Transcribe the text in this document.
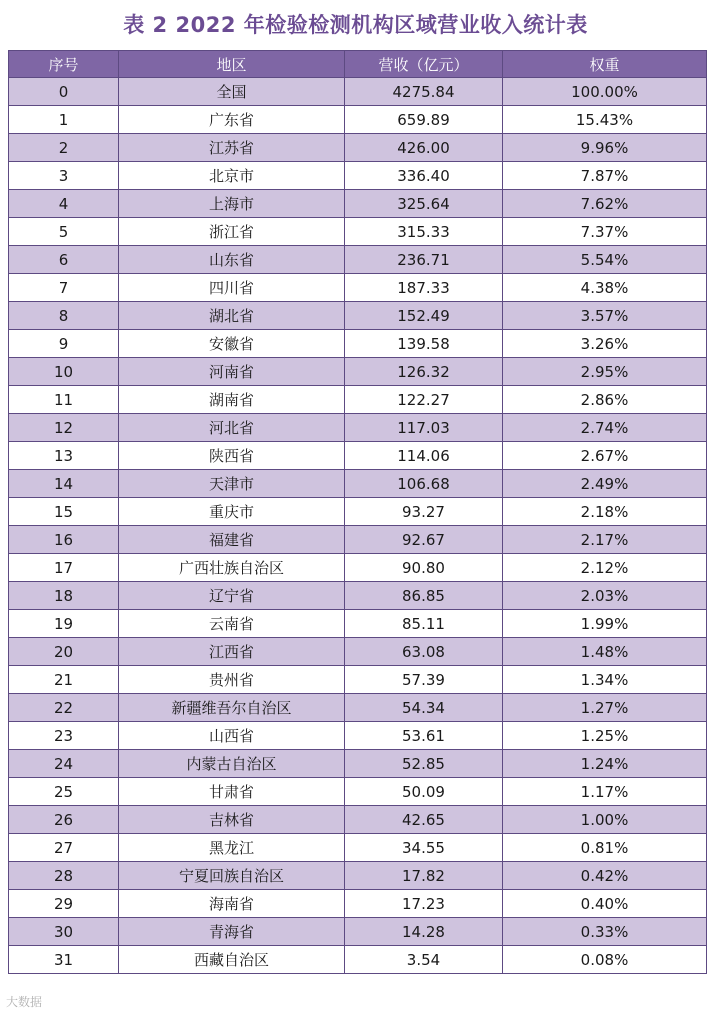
表 2 2022 年检验检测机构区域营业收入统计表
序号	地区	营收（亿元）	权重
0	全国	4275.84	100.00%
1	广东省	659.89	15.43%
2	江苏省	426.00	9.96%
3	北京市	336.40	7.87%
4	上海市	325.64	7.62%
5	浙江省	315.33	7.37%
6	山东省	236.71	5.54%
7	四川省	187.33	4.38%
8	湖北省	152.49	3.57%
9	安徽省	139.58	3.26%
10	河南省	126.32	2.95%
11	湖南省	122.27	2.86%
12	河北省	117.03	2.74%
13	陕西省	114.06	2.67%
14	天津市	106.68	2.49%
15	重庆市	93.27	2.18%
16	福建省	92.67	2.17%
17	广西壮族自治区	90.80	2.12%
18	辽宁省	86.85	2.03%
19	云南省	85.11	1.99%
20	江西省	63.08	1.48%
21	贵州省	57.39	1.34%
22	新疆维吾尔自治区	54.34	1.27%
23	山西省	53.61	1.25%
24	内蒙古自治区	52.85	1.24%
25	甘肃省	50.09	1.17%
26	吉林省	42.65	1.00%
27	黑龙江	34.55	0.81%
28	宁夏回族自治区	17.82	0.42%
29	海南省	17.23	0.40%
30	青海省	14.28	0.33%
31	西藏自治区	3.54	0.08%
大数据
